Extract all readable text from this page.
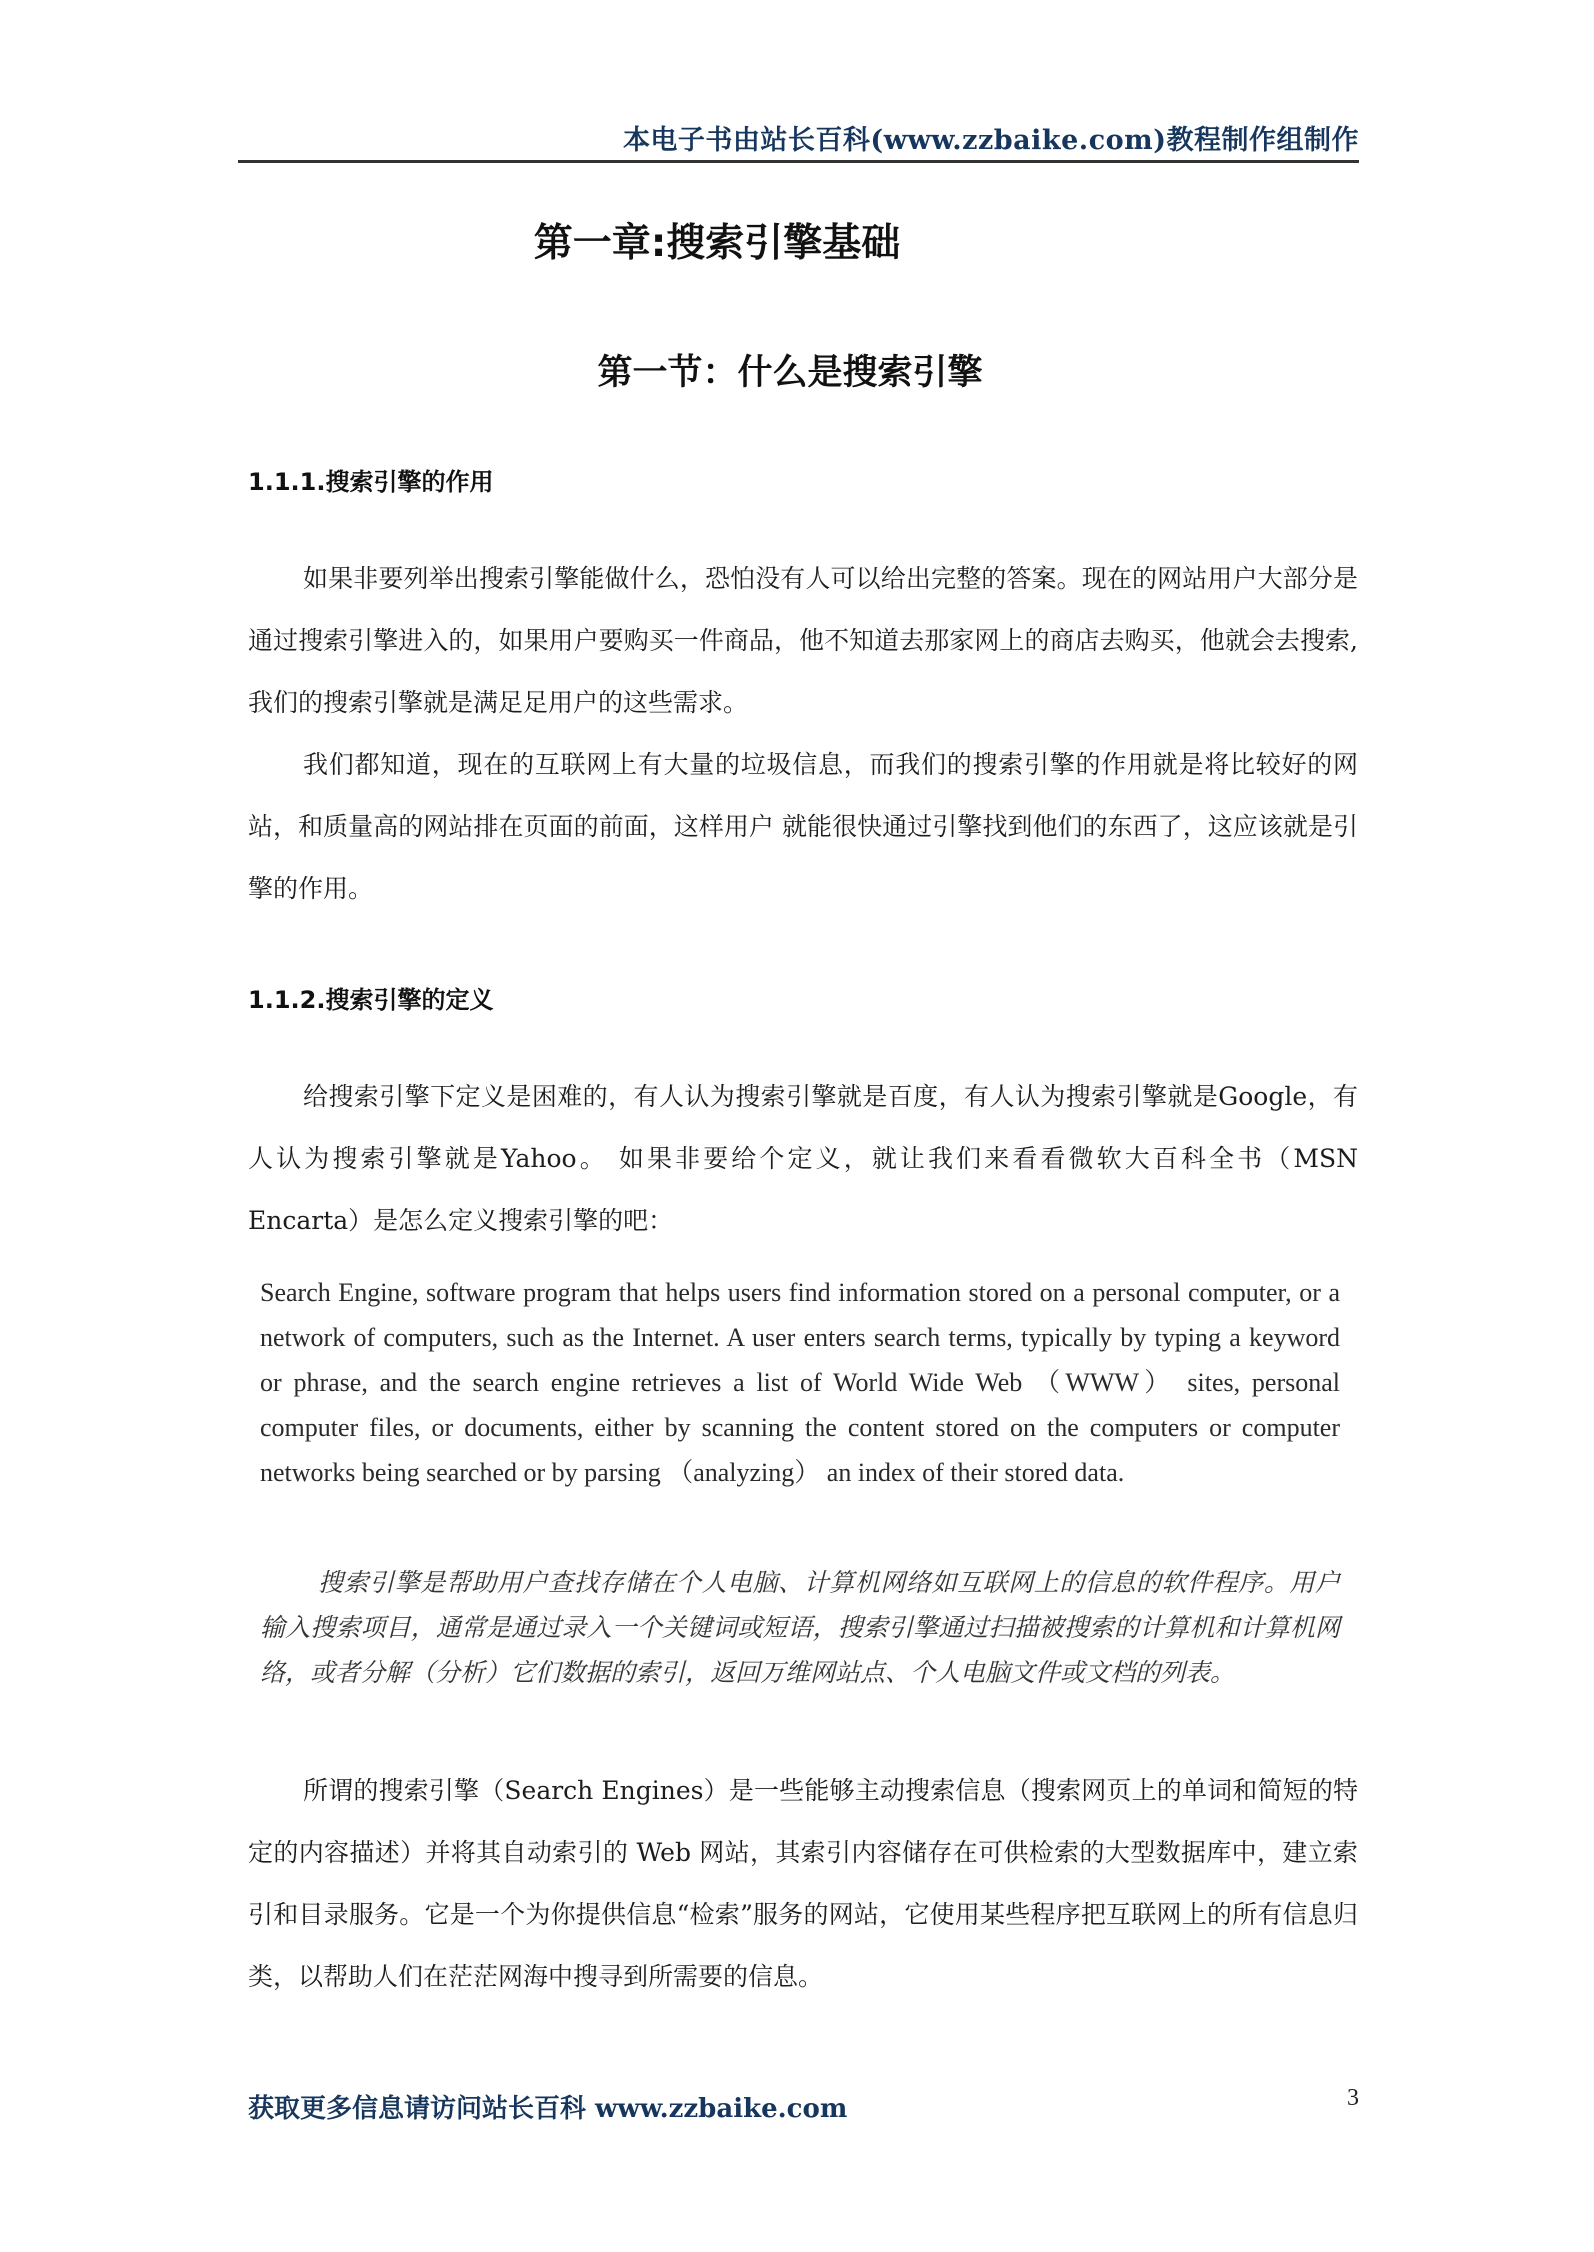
本电子书由站长百科(www.zzbaike.com)教程制作组制作
第一章:搜索引擎基础
第一节：什么是搜索引擎
1.1.1.搜索引擎的作用
如果非要列举出搜索引擎能做什么，恐怕没有人可以给出完整的答案。现在的网站用户大部分是通过搜索引擎进入的，如果用户要购买一件商品，他不知道去那家网上的商店去购买，他就会去搜索,我们的搜索引擎就是满足足用户的这些需求。
我们都知道，现在的互联网上有大量的垃圾信息，而我们的搜索引擎的作用就是将比较好的网站，和质量高的网站排在页面的前面，这样用户 就能很快通过引擎找到他们的东西了，这应该就是引擎的作用。
1.1.2.搜索引擎的定义
给搜索引擎下定义是困难的，有人认为搜索引擎就是百度，有人认为搜索引擎就是Google，有人认为搜索引擎就是Yahoo。 如果非要给个定义，就让我们来看看微软大百科全书（MSN Encarta）是怎么定义搜索引擎的吧：
Search Engine, software program that helps users find information stored on a personal computer, or a network of computers, such as the Internet. A user enters search terms, typically by typing a keyword or phrase, and the search engine retrieves a list of World Wide Web （WWW） sites, personal computer files, or documents, either by scanning the content stored on the computers or computer networks being searched or by parsing （analyzing） an index of their stored data.
搜索引擎是帮助用户查找存储在个人电脑、计算机网络如互联网上的信息的软件程序。用户输入搜索项目，通常是通过录入一个关键词或短语，搜索引擎通过扫描被搜索的计算机和计算机网络，或者分解（分析）它们数据的索引，返回万维网站点、个人电脑文件或文档的列表。
所谓的搜索引擎（Search Engines）是一些能够主动搜索信息（搜索网页上的单词和简短的特定的内容描述）并将其自动索引的 Web 网站，其索引内容储存在可供检索的大型数据库中，建立索引和目录服务。它是一个为你提供信息“检索”服务的网站，它使用某些程序把互联网上的所有信息归类，以帮助人们在茫茫网海中搜寻到所需要的信息。
获取更多信息请访问站长百科 www.zzbaike.com	3
